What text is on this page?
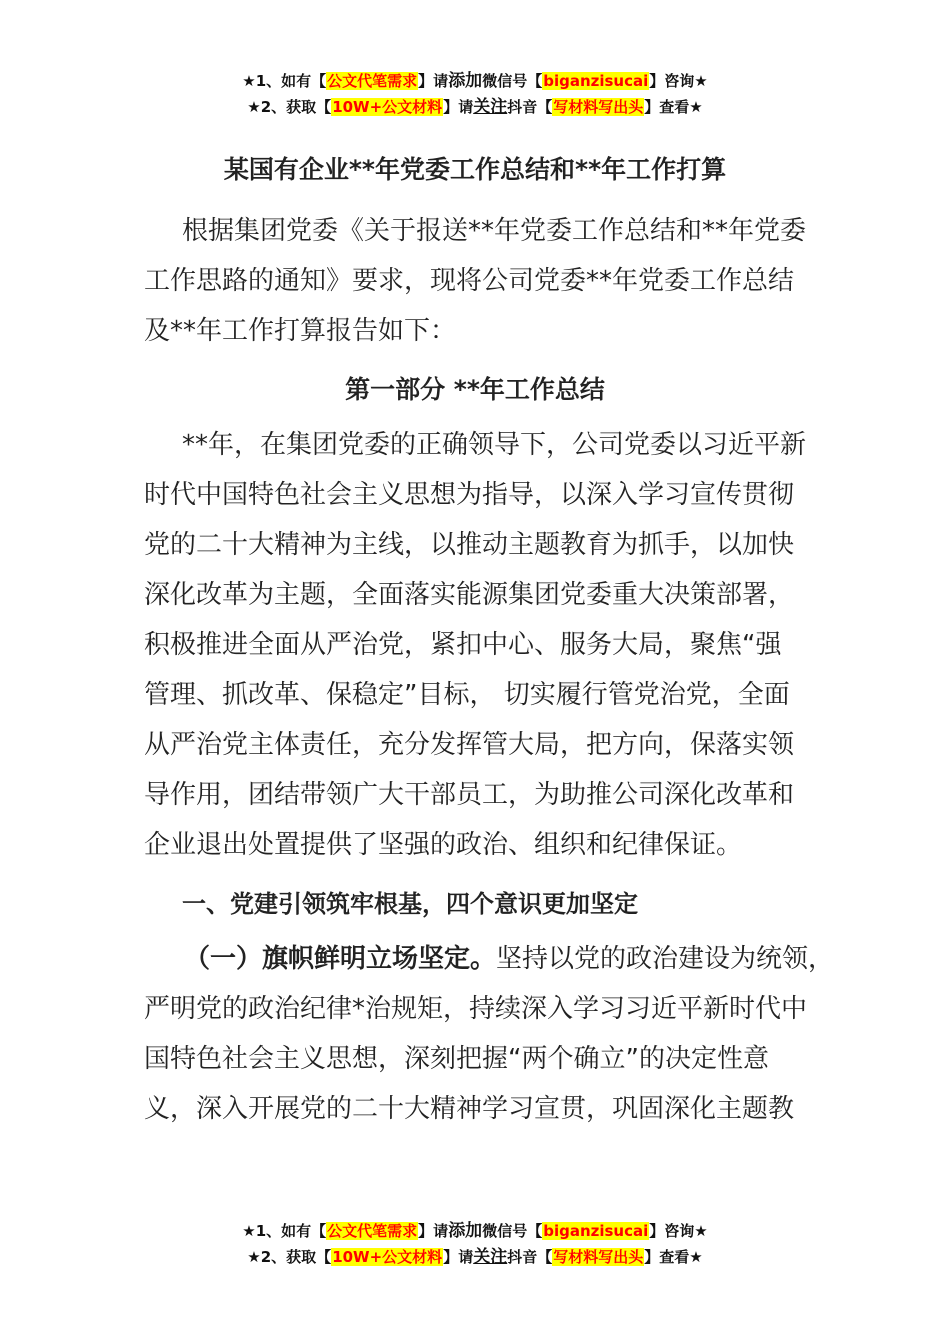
★1、如有【公文代笔需求】请添加微信号【biganzisucai】咨询★
★2、获取【10W+公文材料】请关注抖音【写材料写出头】查看★
某国有企业**年党委工作总结和**年工作打算
根据集团党委《关于报送**年党委工作总结和**年党委
工作思路的通知》要求，现将公司党委**年党委工作总结
及**年工作打算报告如下：
第一部分 **年工作总结
**年，在集团党委的正确领导下，公司党委以习近平新
时代中国特色社会主义思想为指导，以深入学习宣传贯彻
党的二十大精神为主线，以推动主题教育为抓手，以加快
深化改革为主题，全面落实能源集团党委重大决策部署，
积极推进全面从严治党，紧扣中心、服务大局，聚焦“强
管理、抓改革、保稳定”目标， 切实履行管党治党，全面
从严治党主体责任，充分发挥管大局，把方向，保落实领
导作用，团结带领广大干部员工，为助推公司深化改革和
企业退出处置提供了坚强的政治、组织和纪律保证。
一、党建引领筑牢根基，四个意识更加坚定
（一）旗帜鲜明立场坚定。坚持以党的政治建设为统领，
严明党的政治纪律*治规矩，持续深入学习习近平新时代中
国特色社会主义思想，深刻把握“两个确立”的决定性意
义，深入开展党的二十大精神学习宣贯，巩固深化主题教
★1、如有【公文代笔需求】请添加微信号【biganzisucai】咨询★
★2、获取【10W+公文材料】请关注抖音【写材料写出头】查看★
